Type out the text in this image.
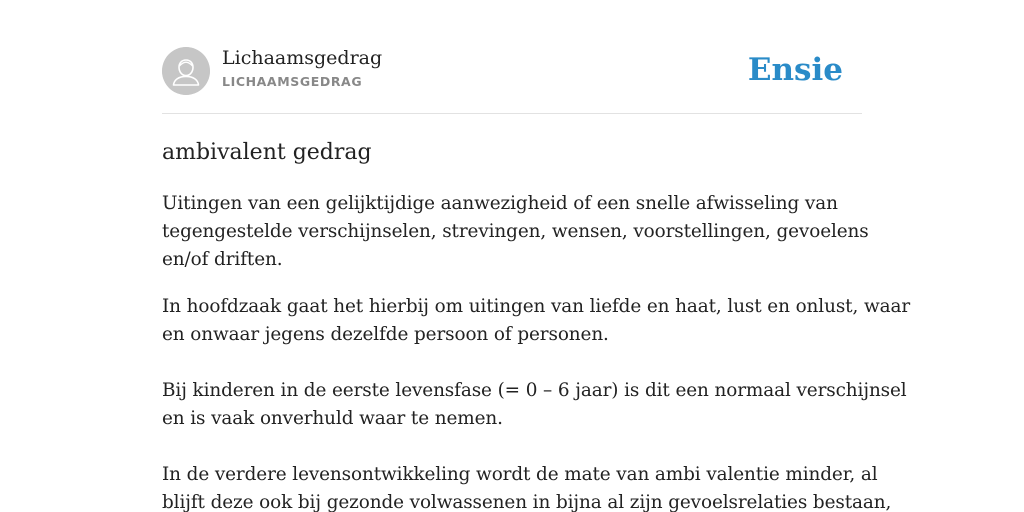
Lichaamsgedrag
LICHAAMSGEDRAG	Ensie
ambivalent gedrag

Uitingen van een gelijktijdige aanwezigheid of een snelle afwisseling van
tegengestelde verschijnselen, strevingen, wensen, voorstellingen, gevoelens
en/of driften.

In hoofdzaak gaat het hierbij om uitingen van liefde en haat, lust en onlust, waar
en onwaar jegens dezelfde persoon of personen.

Bij kinderen in de eerste levensfase (= 0 – 6 jaar) is dit een normaal verschijnsel
en is vaak onverhuld waar te nemen.

In de verdere levensontwikkeling wordt de mate van ambi valentie minder, al
blijft deze ook bij gezonde volwassenen in bijna al zijn gevoelsrelaties bestaan,
